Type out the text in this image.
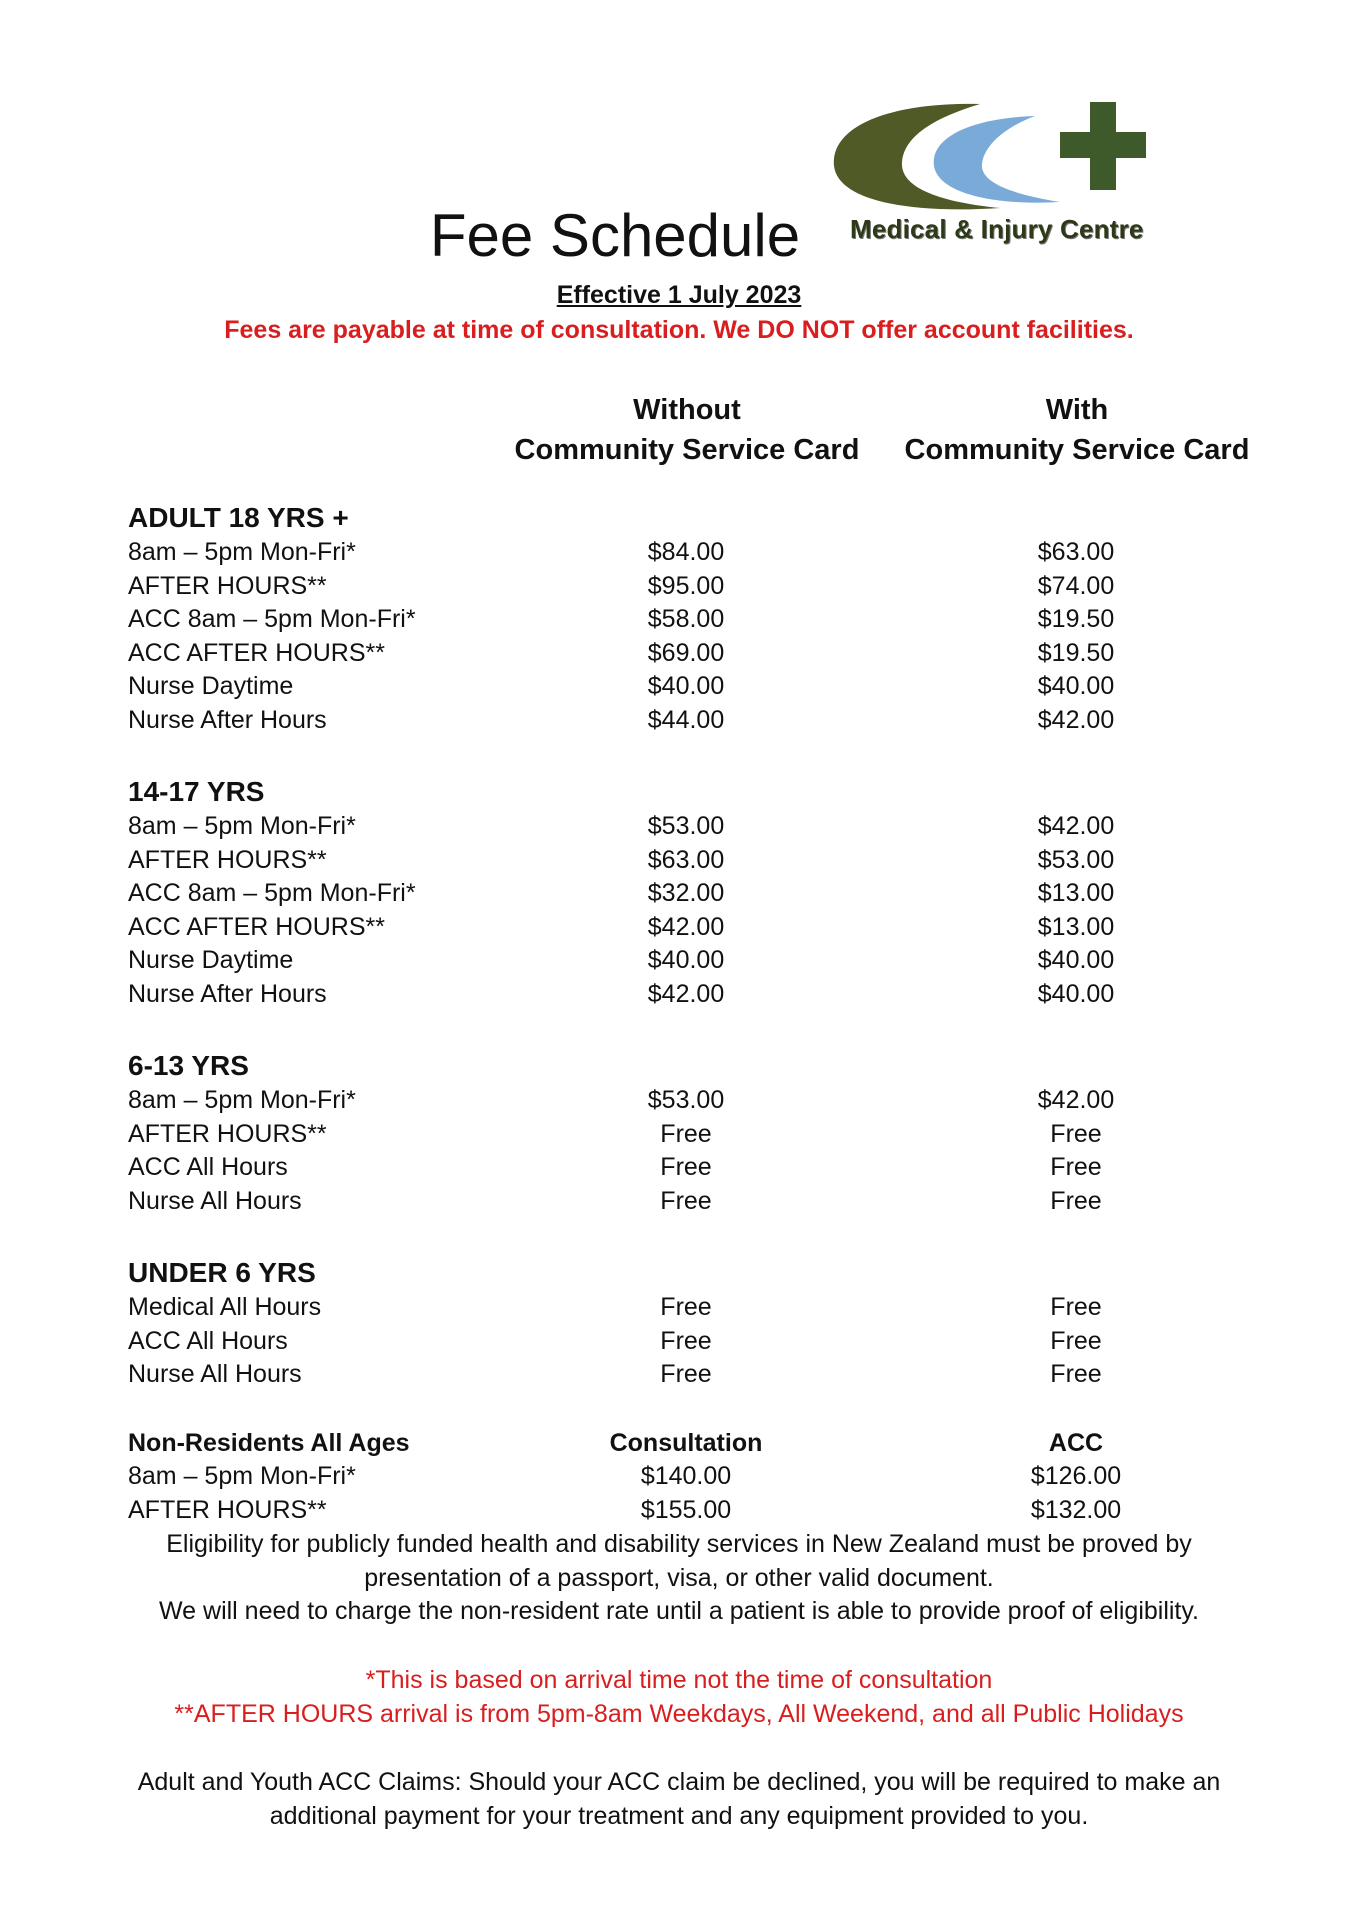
Medical & Injury Centre
Fee Schedule
Effective 1 July 2023
Fees are payable at time of consultation. We DO NOT offer account facilities.
Without
Community Service Card
With
Community Service Card
ADULT 18 YRS +
8am – 5pm Mon-Fri*	$84.00	$63.00
AFTER HOURS**	$95.00	$74.00
ACC 8am – 5pm Mon-Fri*	$58.00	$19.50
ACC AFTER HOURS**	$69.00	$19.50
Nurse Daytime	$40.00	$40.00
Nurse After Hours	$44.00	$42.00
14-17 YRS
8am – 5pm Mon-Fri*	$53.00	$42.00
AFTER HOURS**	$63.00	$53.00
ACC 8am – 5pm Mon-Fri*	$32.00	$13.00
ACC AFTER HOURS**	$42.00	$13.00
Nurse Daytime	$40.00	$40.00
Nurse After Hours	$42.00	$40.00
6-13 YRS
8am – 5pm Mon-Fri*	$53.00	$42.00
AFTER HOURS**	Free	Free
ACC All Hours	Free	Free
Nurse All Hours	Free	Free
UNDER 6 YRS
Medical All Hours	Free	Free
ACC All Hours	Free	Free
Nurse All Hours	Free	Free
Non-Residents All Ages	Consultation	ACC
8am – 5pm Mon-Fri*	$140.00	$126.00
AFTER HOURS**	$155.00	$132.00
Eligibility for publicly funded health and disability services in New Zealand must be proved by
presentation of a passport, visa, or other valid document.
We will need to charge the non-resident rate until a patient is able to provide proof of eligibility.
*This is based on arrival time not the time of consultation
**AFTER HOURS arrival is from 5pm-8am Weekdays, All Weekend, and all Public Holidays
Adult and Youth ACC Claims: Should your ACC claim be declined, you will be required to make an
additional payment for your treatment and any equipment provided to you.
